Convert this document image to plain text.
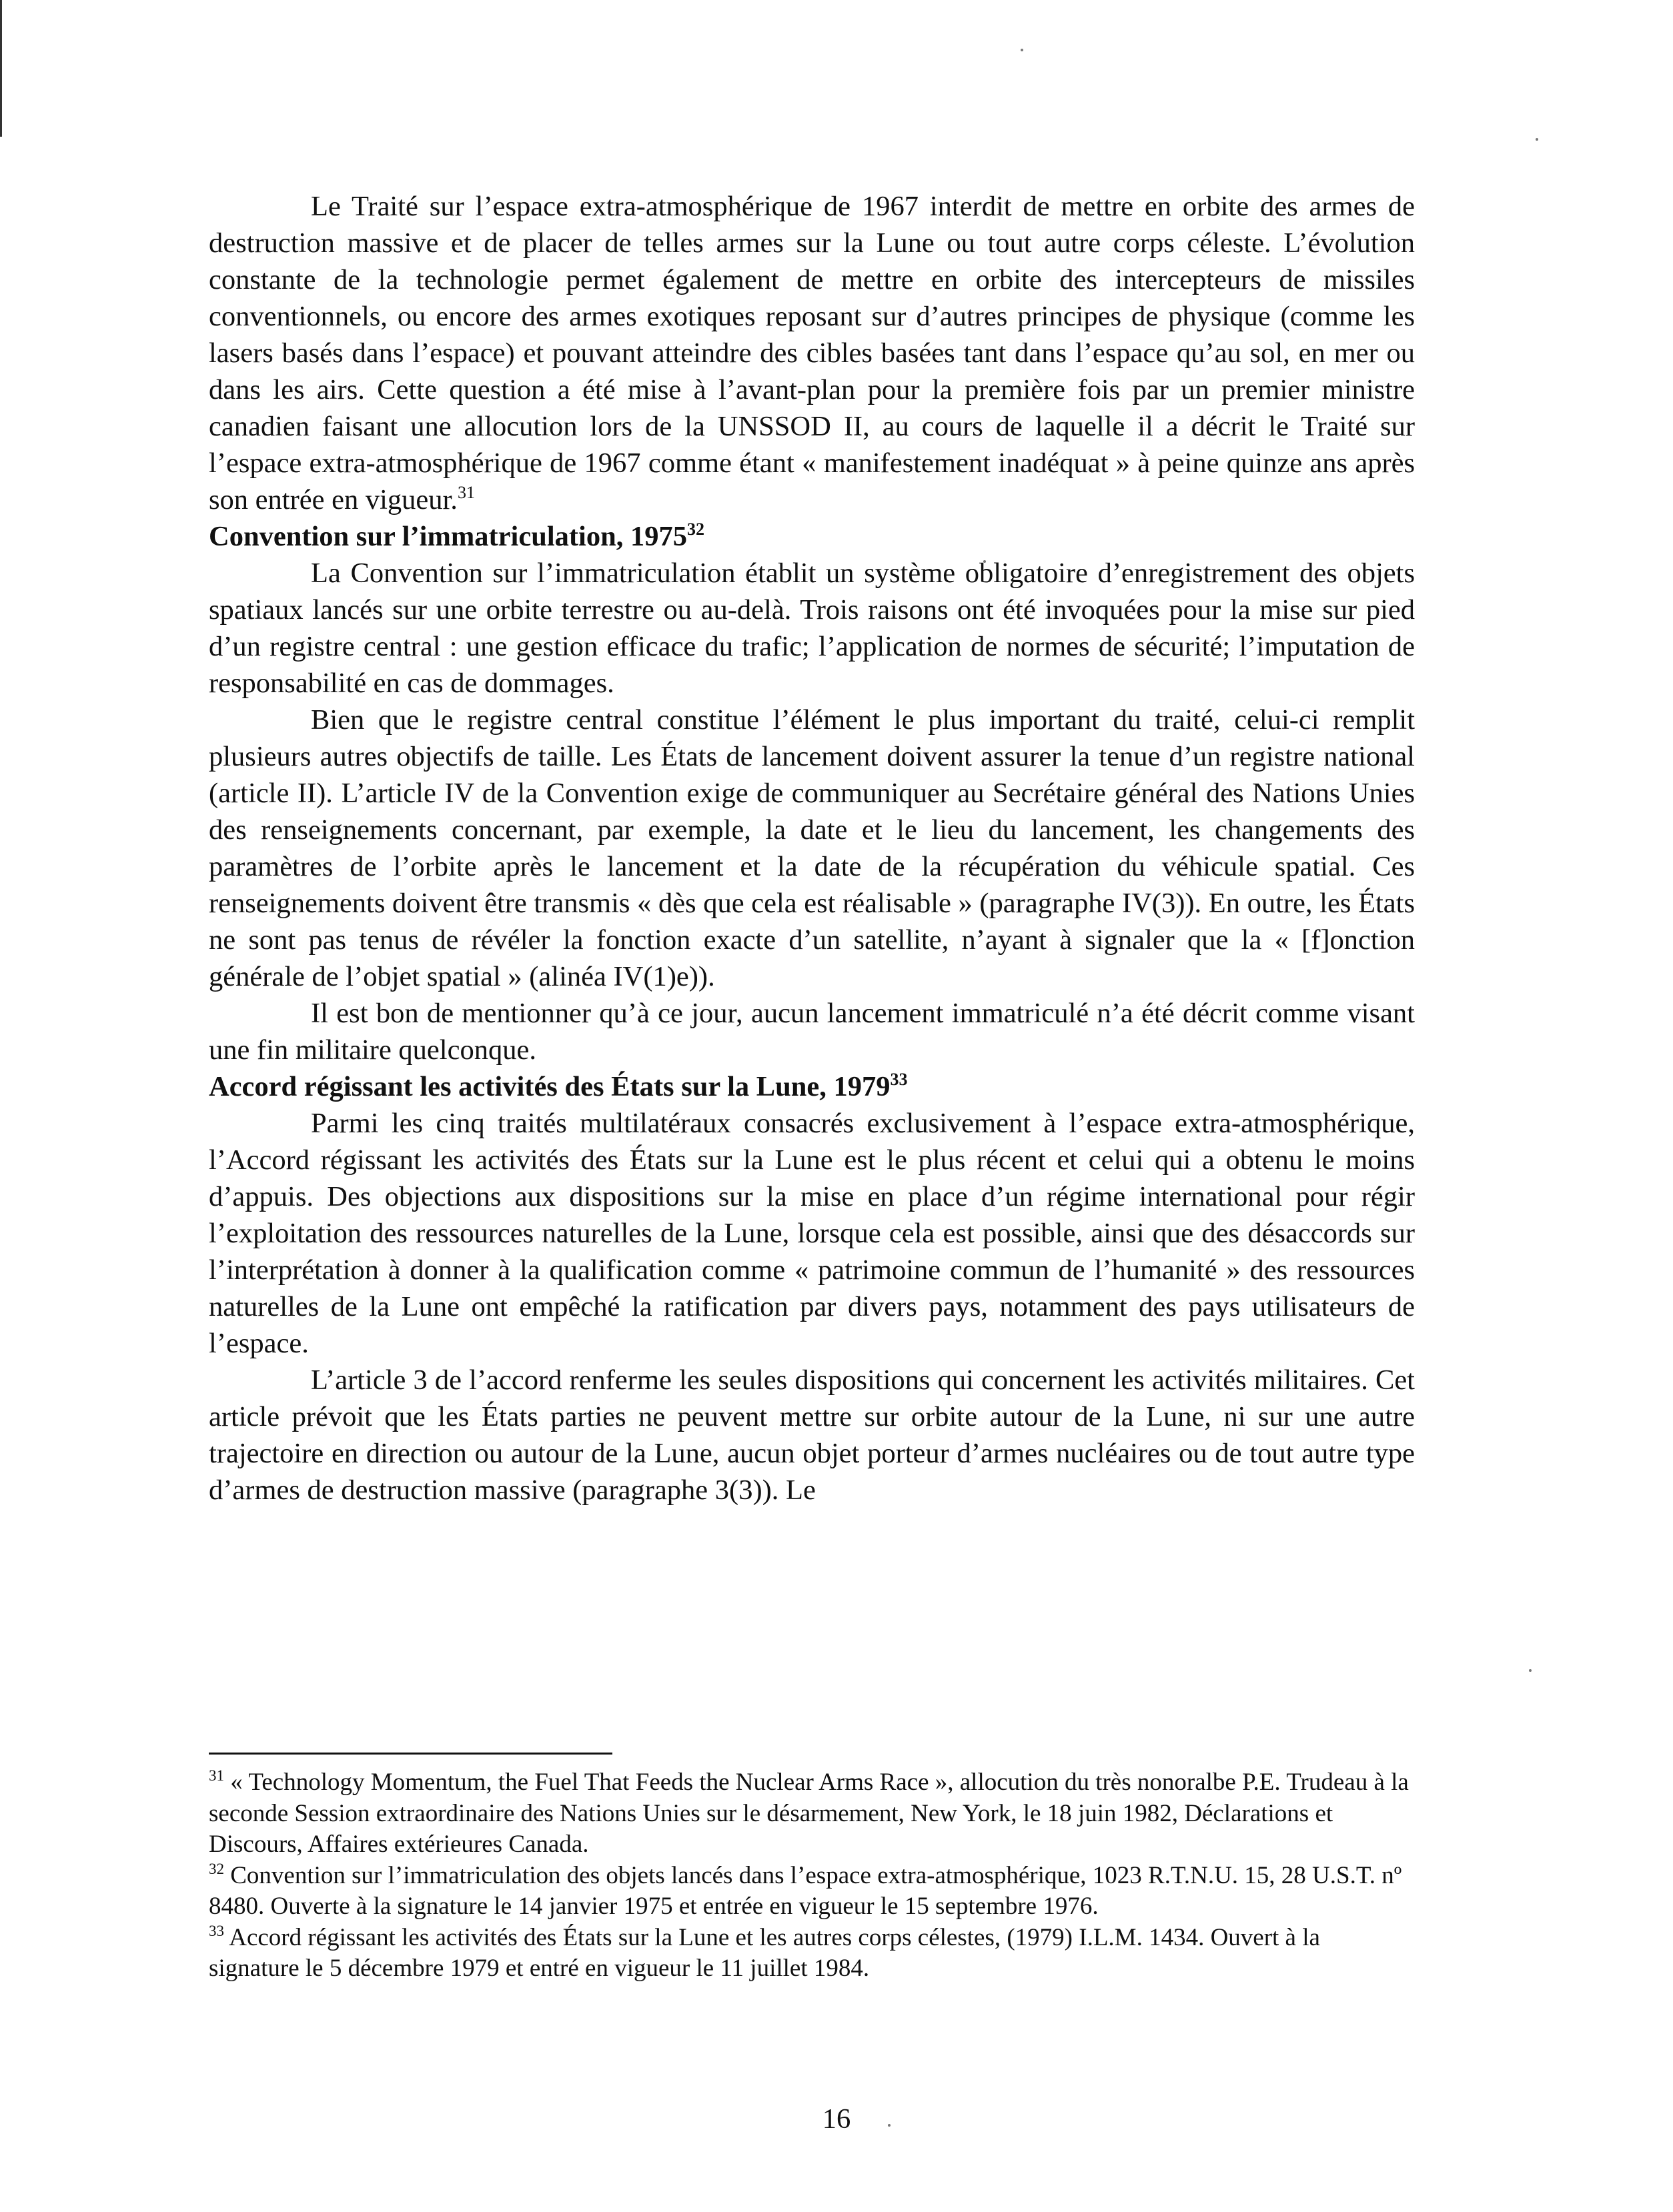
Le Traité sur l’espace extra-atmosphérique de 1967 interdit de mettre en orbite des armes de destruction massive et de placer de telles armes sur la Lune ou tout autre corps céleste. L’évolution constante de la technologie permet également de mettre en orbite des intercepteurs de missiles conventionnels, ou encore des armes exotiques reposant sur d’autres principes de physique (comme les lasers basés dans l’espace) et pouvant atteindre des cibles basées tant dans l’espace qu’au sol, en mer ou dans les airs. Cette question a été mise à l’avant-plan pour la première fois par un premier ministre canadien faisant une allocution lors de la UNSSOD II, au cours de laquelle il a décrit le Traité sur l’espace extra-atmosphérique de 1967 comme étant « manifestement inadéquat » à peine quinze ans après son entrée en vigueur.$^{31}$

Convention sur l’immatriculation, 1975$^{32}$

La Convention sur l’immatriculation établit un système obligatoire d’enregistrement des objets spatiaux lancés sur une orbite terrestre ou au-delà. Trois raisons ont été invoquées pour la mise sur pied d’un registre central : une gestion efficace du trafic; l’application de normes de sécurité; l’imputation de responsabilité en cas de dommages.

Bien que le registre central constitue l’élément le plus important du traité, celui-ci remplit plusieurs autres objectifs de taille. Les États de lancement doivent assurer la tenue d’un registre national (article II). L’article IV de la Convention exige de communiquer au Secrétaire général des Nations Unies des renseignements concernant, par exemple, la date et le lieu du lancement, les changements des paramètres de l’orbite après le lancement et la date de la récupération du véhicule spatial. Ces renseignements doivent être transmis « dès que cela est réalisable » (paragraphe IV(3)). En outre, les États ne sont pas tenus de révéler la fonction exacte d’un satellite, n’ayant à signaler que la « [f]onction générale de l’objet spatial » (alinéa IV(1)e)).

Il est bon de mentionner qu’à ce jour, aucun lancement immatriculé n’a été décrit comme visant une fin militaire quelconque.

Accord régissant les activités des États sur la Lune, 1979$^{33}$

Parmi les cinq traités multilatéraux consacrés exclusivement à l’espace extra-atmosphérique, l’Accord régissant les activités des États sur la Lune est le plus récent et celui qui a obtenu le moins d’appuis. Des objections aux dispositions sur la mise en place d’un régime international pour régir l’exploitation des ressources naturelles de la Lune, lorsque cela est possible, ainsi que des désaccords sur l’interprétation à donner à la qualification comme « patrimoine commun de l’humanité » des ressources naturelles de la Lune ont empêché la ratification par divers pays, notamment des pays utilisateurs de l’espace.

L’article 3 de l’accord renferme les seules dispositions qui concernent les activités militaires. Cet article prévoit que les États parties ne peuvent mettre sur orbite autour de la Lune, ni sur une autre trajectoire en direction ou autour de la Lune, aucun objet porteur d’armes nucléaires ou de tout autre type d’armes de destruction massive (paragraphe 3(3)). Le

$^{31}$ « Technology Momentum, the Fuel That Feeds the Nuclear Arms Race », allocution du très nonoralbe P.E. Trudeau à la seconde Session extraordinaire des Nations Unies sur le désarmement, New York, le 18 juin 1982, Déclarations et Discours, Affaires extérieures Canada.

$^{32}$ Convention sur l’immatriculation des objets lancés dans l’espace extra-atmosphérique, 1023 R.T.N.U. 15, 28 U.S.T. nº 8480. Ouverte à la signature le 14 janvier 1975 et entrée en vigueur le 15 septembre 1976.

$^{33}$ Accord régissant les activités des États sur la Lune et les autres corps célestes, (1979) I.L.M. 1434. Ouvert à la signature le 5 décembre 1979 et entré en vigueur le 11 juillet 1984.

16
